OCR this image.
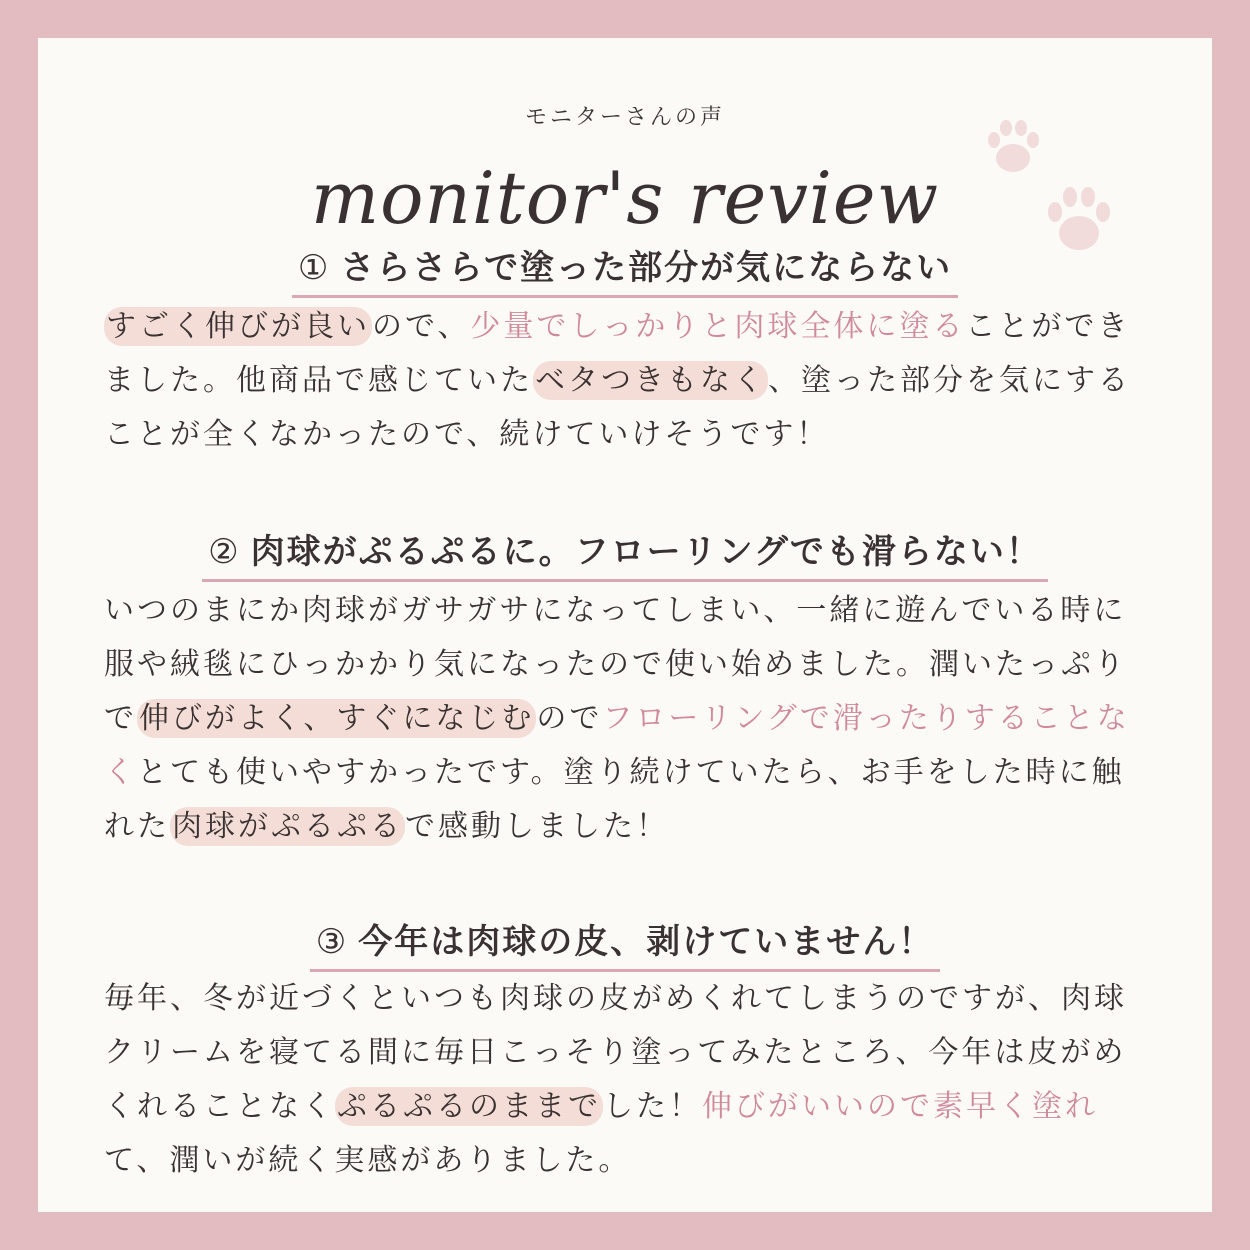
モニターさんの声
monitor's review
① さらさらで塗った部分が気にならない
すごく伸びが良いので、少量でしっかりと肉球全体に塗ることができました。他商品で感じていたベタつきもなく、塗った部分を気にすることが全くなかったので、続けていけそうです！
② 肉球がぷるぷるに。フローリングでも滑らない！
いつのまにか肉球がガサガサになってしまい、一緒に遊んでいる時に服や絨毯にひっかかり気になったので使い始めました。潤いたっぷりで伸びがよく、すぐになじむのでフローリングで滑ったりすることなくとても使いやすかったです。塗り続けていたら、お手をした時に触れた肉球がぷるぷるで感動しました！
③ 今年は肉球の皮、剥けていません！
毎年、冬が近づくといつも肉球の皮がめくれてしまうのですが、肉球クリームを寝てる間に毎日こっそり塗ってみたところ、今年は皮がめくれることなくぷるぷるのままでした！伸びがいいので素早く塗れて、潤いが続く実感がありました。
